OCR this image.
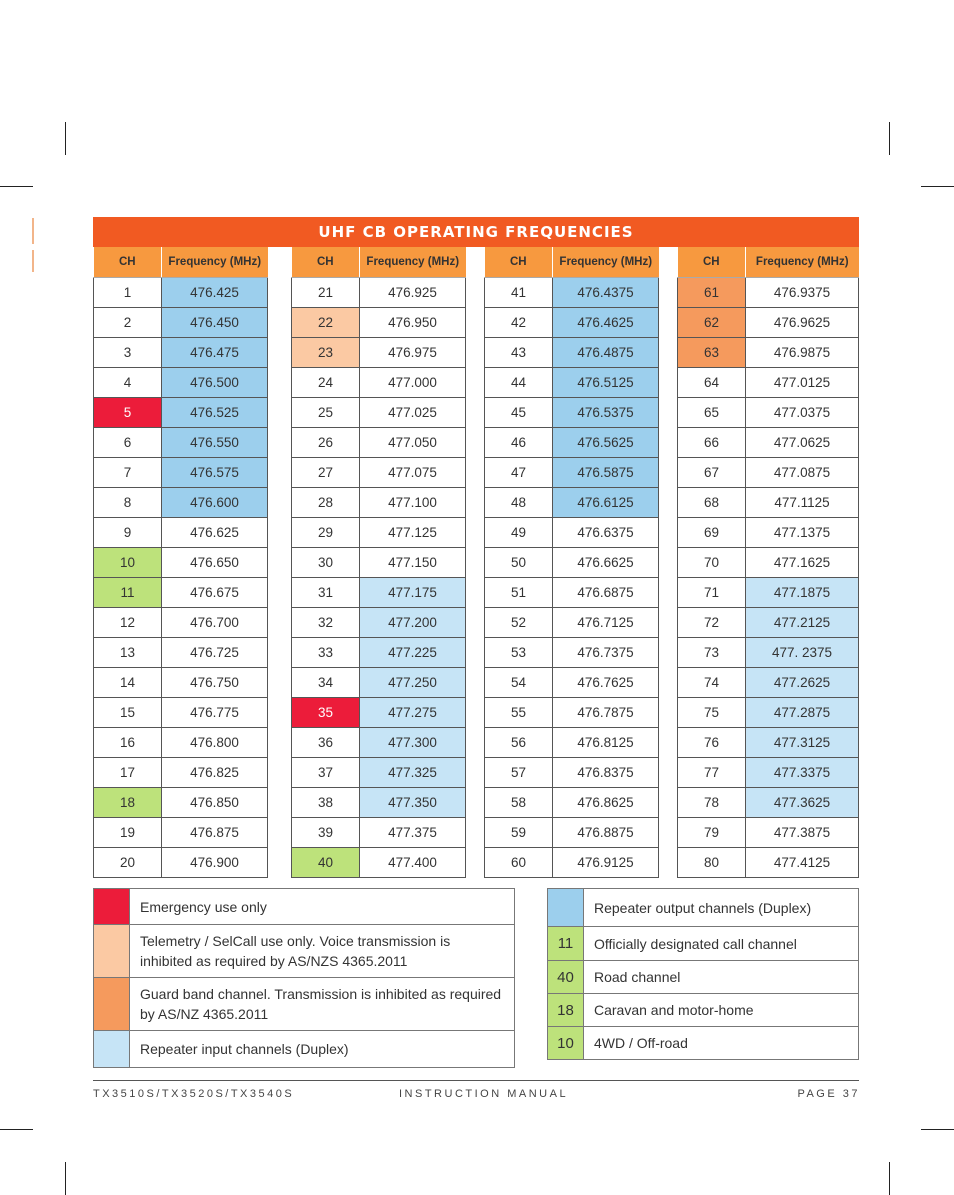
UHF CB OPERATING FREQUENCIES
CH	Frequency (MHz)
1	476.425
2	476.450
3	476.475
4	476.500
5	476.525
6	476.550
7	476.575
8	476.600
9	476.625
10	476.650
11	476.675
12	476.700
13	476.725
14	476.750
15	476.775
16	476.800
17	476.825
18	476.850
19	476.875
20	476.900
CH	Frequency (MHz)
21	476.925
22	476.950
23	476.975
24	477.000
25	477.025
26	477.050
27	477.075
28	477.100
29	477.125
30	477.150
31	477.175
32	477.200
33	477.225
34	477.250
35	477.275
36	477.300
37	477.325
38	477.350
39	477.375
40	477.400
CH	Frequency (MHz)
41	476.4375
42	476.4625
43	476.4875
44	476.5125
45	476.5375
46	476.5625
47	476.5875
48	476.6125
49	476.6375
50	476.6625
51	476.6875
52	476.7125
53	476.7375
54	476.7625
55	476.7875
56	476.8125
57	476.8375
58	476.8625
59	476.8875
60	476.9125
CH	Frequency (MHz)
61	476.9375
62	476.9625
63	476.9875
64	477.0125
65	477.0375
66	477.0625
67	477.0875
68	477.1125
69	477.1375
70	477.1625
71	477.1875
72	477.2125
73	477. 2375
74	477.2625
75	477.2875
76	477.3125
77	477.3375
78	477.3625
79	477.3875
80	477.4125
	Emergency use only
	Telemetry / SelCall use only. Voice transmission is inhibited as required by AS/NZS 4365.2011
	Guard band channel. Transmission is inhibited as required by AS/NZ 4365.2011
	Repeater input channels (Duplex)
	Repeater output channels (Duplex)
11	Officially designated call channel
40	Road channel
18	Caravan and motor-home
10	4WD / Off-road
TX3510S/TX3520S/TX3540S	INSTRUCTION MANUAL	PAGE 37
